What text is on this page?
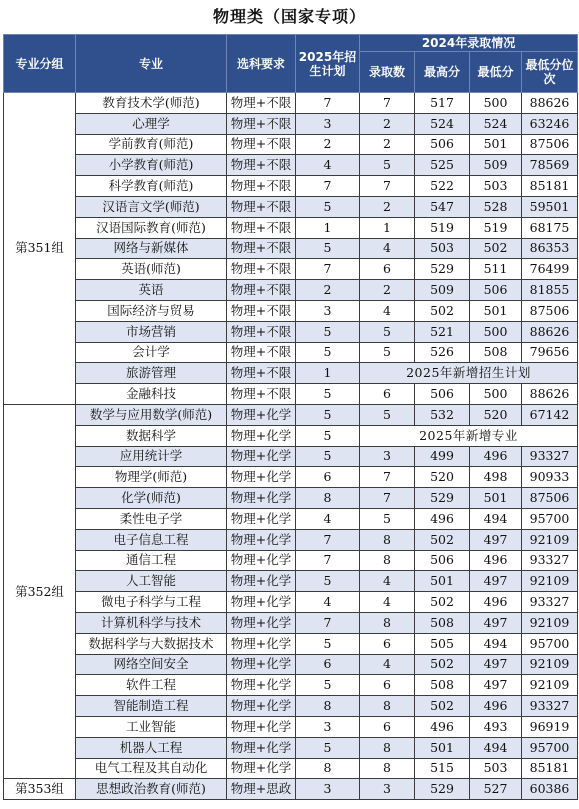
物理类（国家专项）
专业分组	专业	选科要求	2025年招生计划	2024年录取情况			
				录取数	最高分	最低分	最低分位次
第351组	教育技术学(师范)	物理+不限	7	7	517	500	88626
	心理学	物理+不限	3	2	524	524	63246
	学前教育(师范)	物理+不限	2	2	506	501	87506
	小学教育(师范)	物理+不限	4	5	525	509	78569
	科学教育(师范)	物理+不限	7	7	522	503	85181
	汉语言文学(师范)	物理+不限	5	2	547	528	59501
	汉语国际教育(师范)	物理+不限	1	1	519	519	68175
	网络与新媒体	物理+不限	5	4	503	502	86353
	英语(师范)	物理+不限	7	6	529	511	76499
	英语	物理+不限	2	2	509	506	81855
	国际经济与贸易	物理+不限	3	4	502	501	87506
	市场营销	物理+不限	5	5	521	500	88626
	会计学	物理+不限	5	5	526	508	79656
	旅游管理	物理+不限	1	2025年新增招生计划			
	金融科技	物理+不限	5	6	506	500	88626
第352组	数学与应用数学(师范)	物理+化学	5	5	532	520	67142
	数据科学	物理+化学	5	2025年新增专业			
	应用统计学	物理+化学	5	3	499	496	93327
	物理学(师范)	物理+化学	6	7	520	498	90933
	化学(师范)	物理+化学	8	7	529	501	87506
	柔性电子学	物理+化学	4	5	496	494	95700
	电子信息工程	物理+化学	7	8	502	497	92109
	通信工程	物理+化学	7	8	506	496	93327
	人工智能	物理+化学	5	4	501	497	92109
	微电子科学与工程	物理+化学	4	4	502	496	93327
	计算机科学与技术	物理+化学	7	8	508	497	92109
	数据科学与大数据技术	物理+化学	5	6	505	494	95700
	网络空间安全	物理+化学	6	4	502	497	92109
	软件工程	物理+化学	5	6	508	497	92109
	智能制造工程	物理+化学	8	8	502	496	93327
	工业智能	物理+化学	3	6	496	493	96919
	机器人工程	物理+化学	5	8	501	494	95700
	电气工程及其自动化	物理+化学	8	8	515	503	85181
第353组	思想政治教育(师范)	物理+思政	3	3	529	527	60386
